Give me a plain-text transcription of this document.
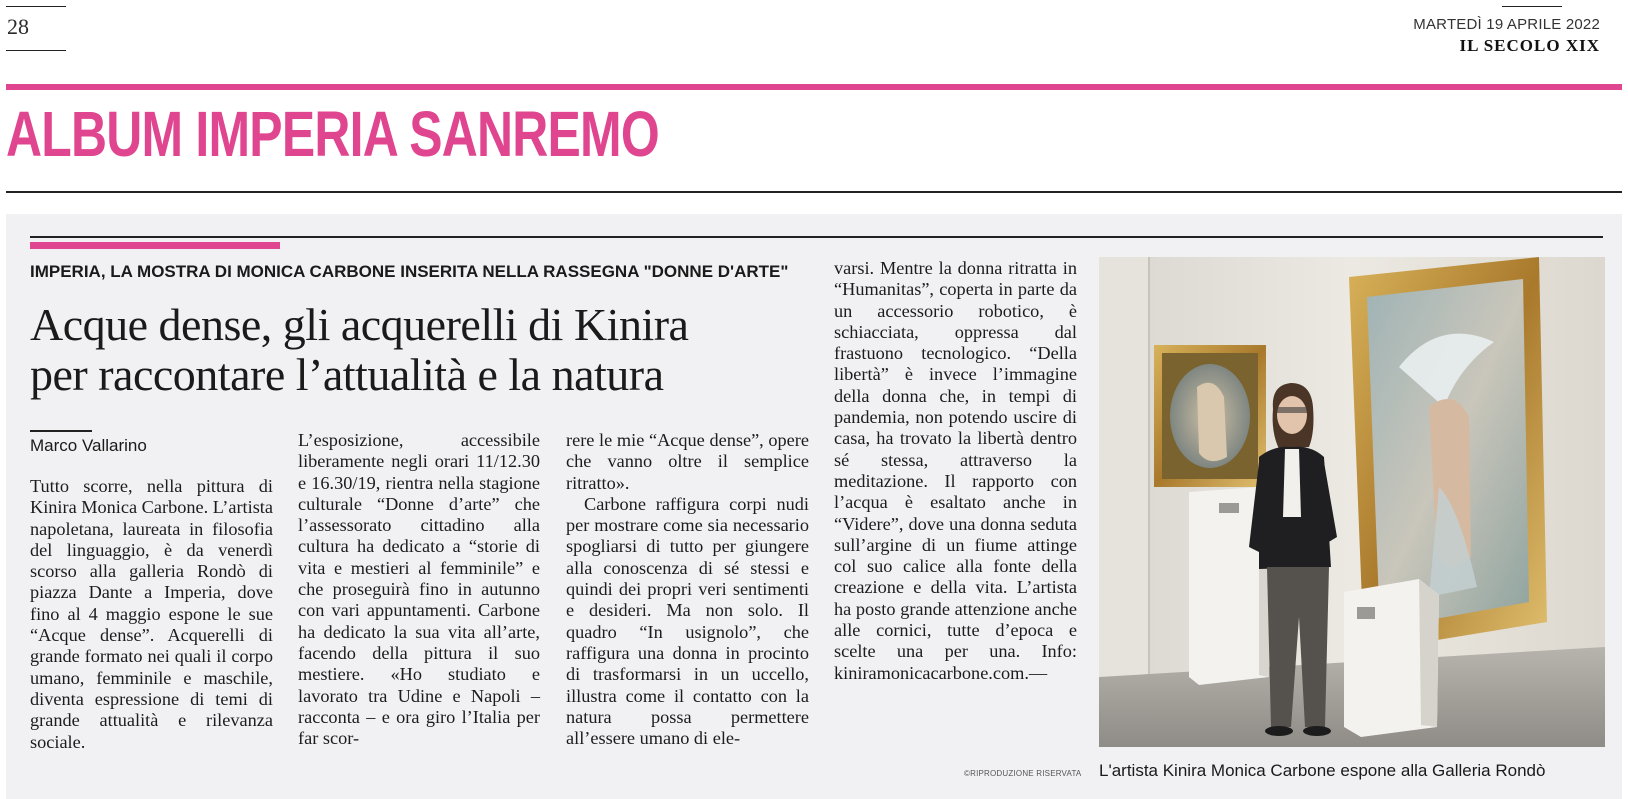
28	MARTEDÌ 19 APRILE 2022
IL SECOLO XIX
ALBUM IMPERIA SANREMO
IMPERIA, LA MOSTRA DI MONICA CARBONE INSERITA NELLA RASSEGNA "DONNE D'ARTE"
Acque dense, gli acquerelli di Kinira
per raccontare l’attualità e la natura
Marco Vallarino

Tutto scorre, nella pittura di Kinira Monica Carbone. L’artista napoletana, laureata in filosofia del linguaggio, è da venerdì scorso alla galleria Rondò di piazza Dante a Imperia, dove fino al 4 maggio espone le sue “Acque dense”. Acquerelli di grande formato nei quali il corpo umano, femminile e maschile, diventa espressione di temi di grande attualità e rilevanza sociale.

L’esposizione, accessibile liberamente negli orari 11/12.30 e 16.30/19, rientra nella stagione culturale “Donne d’arte” che l’assessorato cittadino alla cultura ha dedicato a “storie di vita e mestieri al femminile” e che proseguirà fino in autunno con vari appuntamenti. Carbone ha dedicato la sua vita all’arte, facendo della pittura il suo mestiere. «Ho studiato e lavorato tra Udine e Napoli – racconta – e ora giro l’Italia per far scor-

rere le mie “Acque dense”, opere che vanno oltre il semplice ritratto».

Carbone raffigura corpi nudi per mostrare come sia necessario spogliarsi di tutto per giungere alla conoscenza di sé stessi e quindi dei propri veri sentimenti e desideri. Ma non solo. Il quadro “In usignolo”, che raffigura una donna in procinto di trasformarsi in un uccello, illustra come il contatto con la natura possa permettere all’essere umano di ele-

varsi. Mentre la donna ritratta in “Humanitas”, coperta in parte da un accessorio robotico, è schiacciata, oppressa dal frastuono tecnologico. “Della libertà” è invece l’immagine della donna che, in tempi di pandemia, non potendo uscire di casa, ha trovato la libertà dentro sé stessa, attraverso la meditazione. Il rapporto con l’acqua è esaltato anche in “Videre”, dove una donna seduta sull’argine di un fiume attinge col suo calice alla fonte della creazione e della vita. L’artista ha posto grande attenzione anche alle cornici, tutte d’epoca e scelte una per una. Info: kiniramonicacarbone.com.—

©RIPRODUZIONE RISERVATA L'artista Kinira Monica Carbone espone alla Galleria Rondò
